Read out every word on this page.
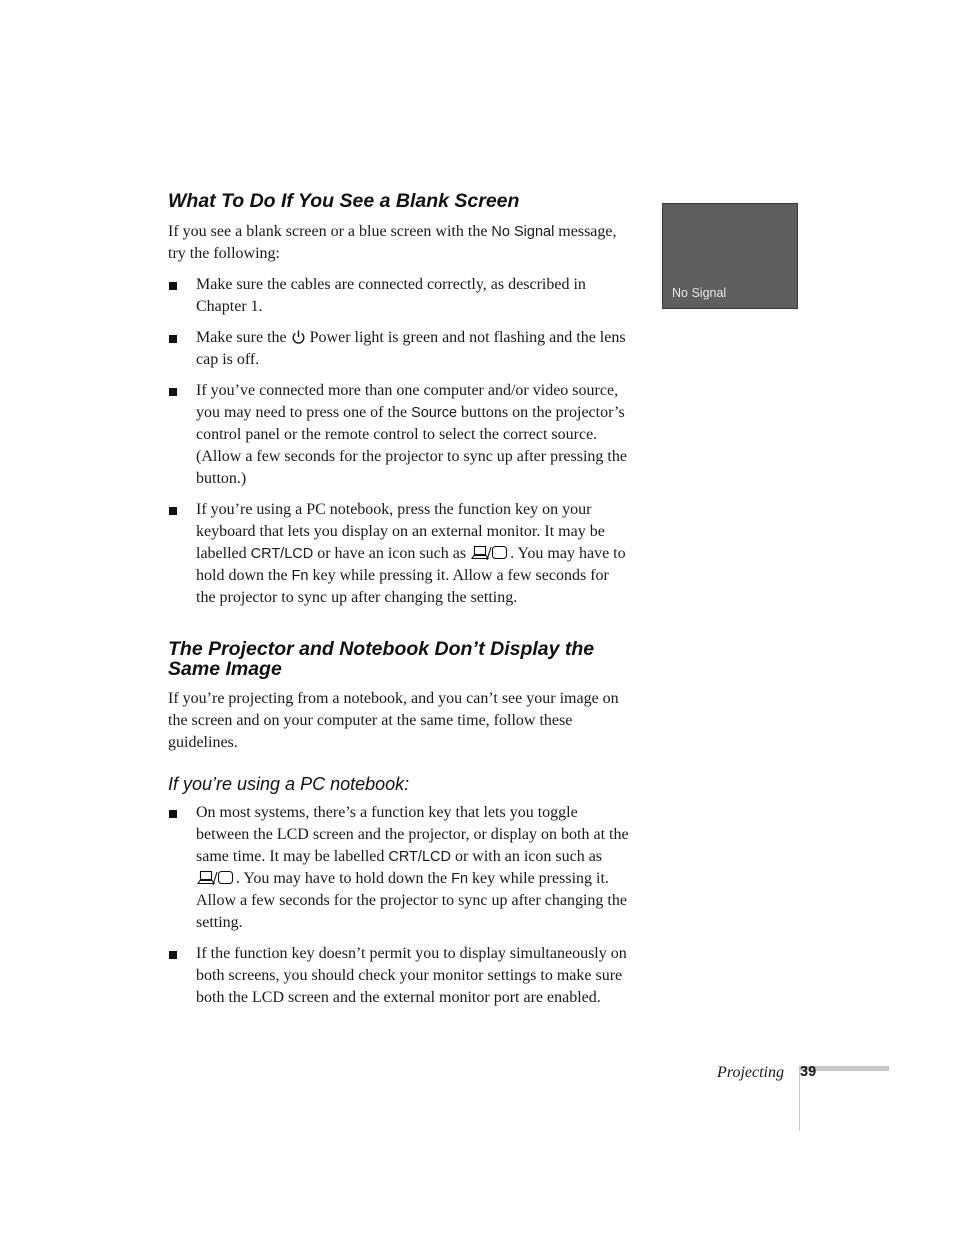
What To Do If You See a Blank Screen

If you see a blank screen or a blue screen with the No Signal message, try the following:

Make sure the cables are connected correctly, as described in Chapter 1.
Make sure the  Power light is green and not flashing and the lens cap is off.
If you’ve connected more than one computer and/or video source, you may need to press one of the Source buttons on the projector’s control panel or the remote control to select the correct source. (Allow a few seconds for the projector to sync up after pressing the button.)
If you’re using a PC notebook, press the function key on your keyboard that lets you display on an external monitor. It may be labelled CRT/LCD or have an icon such as	. You may have to hold down the Fn key while pressing it. Allow a few seconds for the projector to sync up after changing the setting.
The Projector and Notebook Don’t Display the
Same Image

If you’re projecting from a notebook, and you can’t see your image on the screen and on your computer at the same time, follow these guidelines.

If you’re using a PC notebook:
On most systems, there’s a function key that lets you toggle between the LCD screen and the projector, or display on both at the same time. It may be labelled CRT/LCD or with an icon such as . You may have to hold down the Fn key while pressing it. Allow a few seconds for the projector to sync up after changing the setting.
If the function key doesn’t permit you to display simultaneously on both screens, you should check your monitor settings to make sure both the LCD screen and the external monitor port are enabled.
No Signal
Projecting 39
